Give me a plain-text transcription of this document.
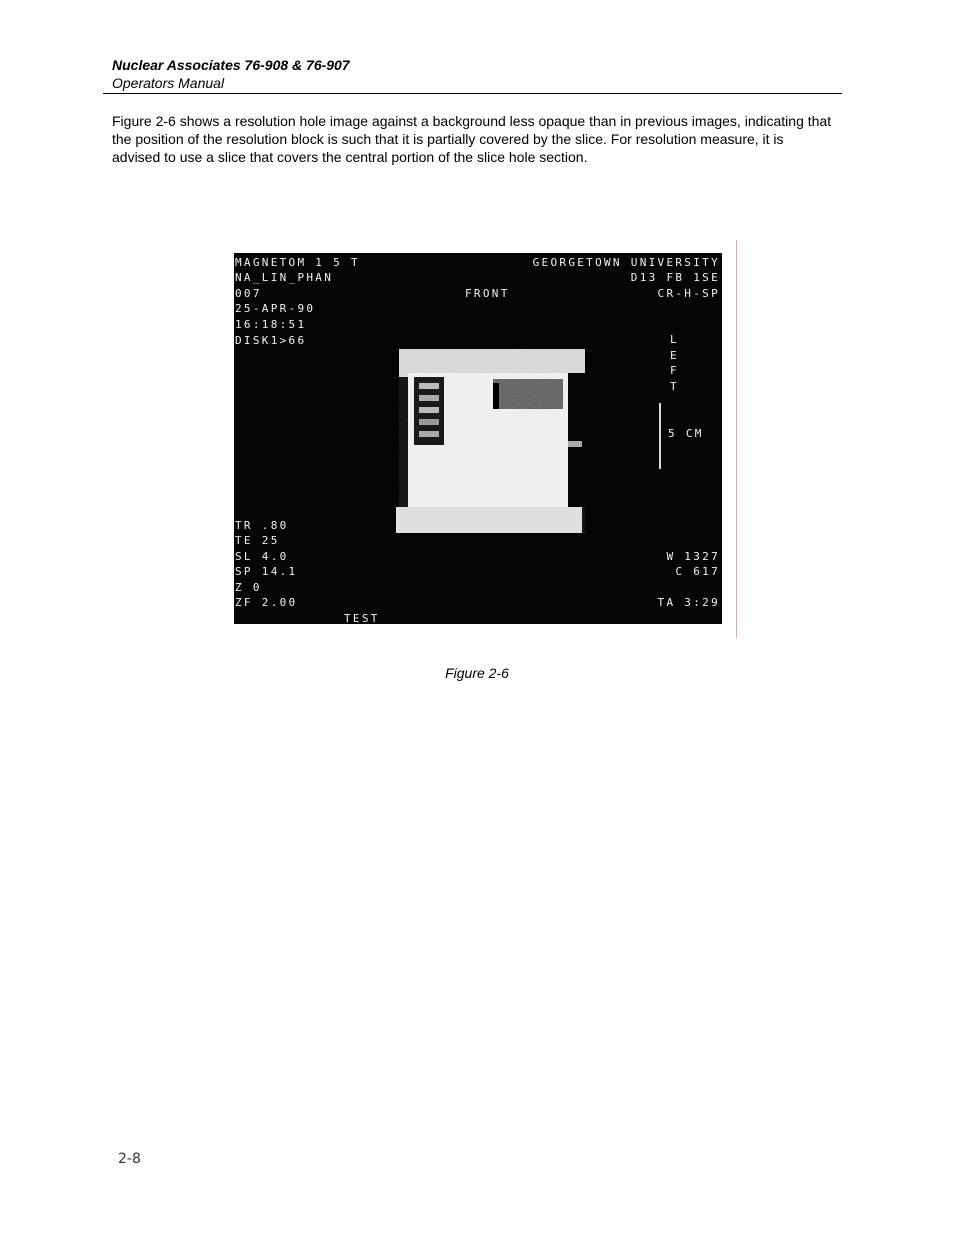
Nuclear Associates 76-908 & 76-907
Operators Manual
Figure 2-6 shows a resolution hole image against a background less opaque than in previous images, indicating that the position of the resolution block is such that it is partially covered by the slice. For resolution measure, it is advised to use a slice that covers the central portion of the slice hole section.
MAGNETOM 1 5 T
NA_LIN_PHAN
007
25-APR-90
16:18:51
DISK1>66
GEORGETOWN UNIVERSITY
D13 FB 1SE
CR-H-SP
FRONT
L
E
F
T
5 CM
TR .80
TE 25
SL 4.0
SP 14.1
Z 0
ZF 2.00
TEST
W 1327
C 617
TA 3:29
Figure 2-6
2-8
